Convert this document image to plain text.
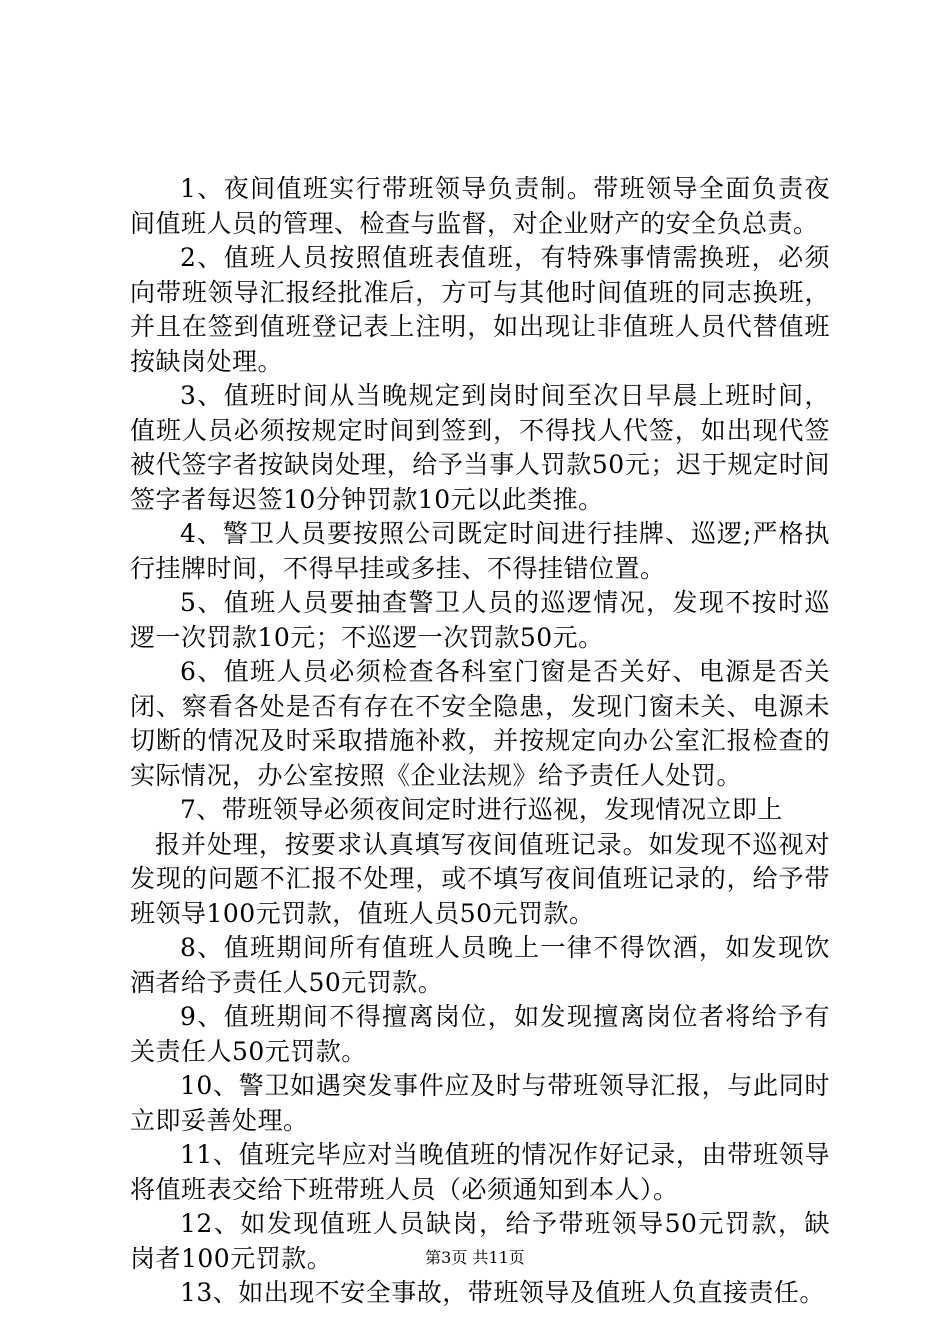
1、夜间值班实行带班领导负责制。带班领导全面负责夜间值班人员的管理、检查与监督，对企业财产的安全负总责。

2、值班人员按照值班表值班，有特殊事情需换班，必须向带班领导汇报经批准后，方可与其他时间值班的同志换班，并且在签到值班登记表上注明，如出现让非值班人员代替值班按缺岗处理。

3、值班时间从当晚规定到岗时间至次日早晨上班时间，值班人员必须按规定时间到签到，不得找人代签，如出现代签被代签字者按缺岗处理，给予当事人罚款50元；迟于规定时间签字者每迟签10分钟罚款10元以此类推。

4、警卫人员要按照公司既定时间进行挂牌、巡逻;严格执行挂牌时间，不得早挂或多挂、不得挂错位置。

5、值班人员要抽查警卫人员的巡逻情况，发现不按时巡逻一次罚款10元；不巡逻一次罚款50元。

6、值班人员必须检查各科室门窗是否关好、电源是否关闭、察看各处是否有存在不安全隐患，发现门窗未关、电源未切断的情况及时采取措施补救，并按规定向办公室汇报检查的实际情况，办公室按照《企业法规》给予责任人处罚。

7、带班领导必须夜间定时进行巡视，发现情况立即上

报并处理，按要求认真填写夜间值班记录。如发现不巡视对发现的问题不汇报不处理，或不填写夜间值班记录的，给予带班领导100元罚款，值班人员50元罚款。

8、值班期间所有值班人员晚上一律不得饮酒，如发现饮酒者给予责任人50元罚款。

9、值班期间不得擅离岗位，如发现擅离岗位者将给予有关责任人50元罚款。

10、警卫如遇突发事件应及时与带班领导汇报，与此同时立即妥善处理。

11、值班完毕应对当晚值班的情况作好记录，由带班领导将值班表交给下班带班人员（必须通知到本人）。

12、如发现值班人员缺岗，给予带班领导50元罚款，缺岗者100元罚款。

13、如出现不安全事故，带班领导及值班人负直接责任。

第3页 共11页
